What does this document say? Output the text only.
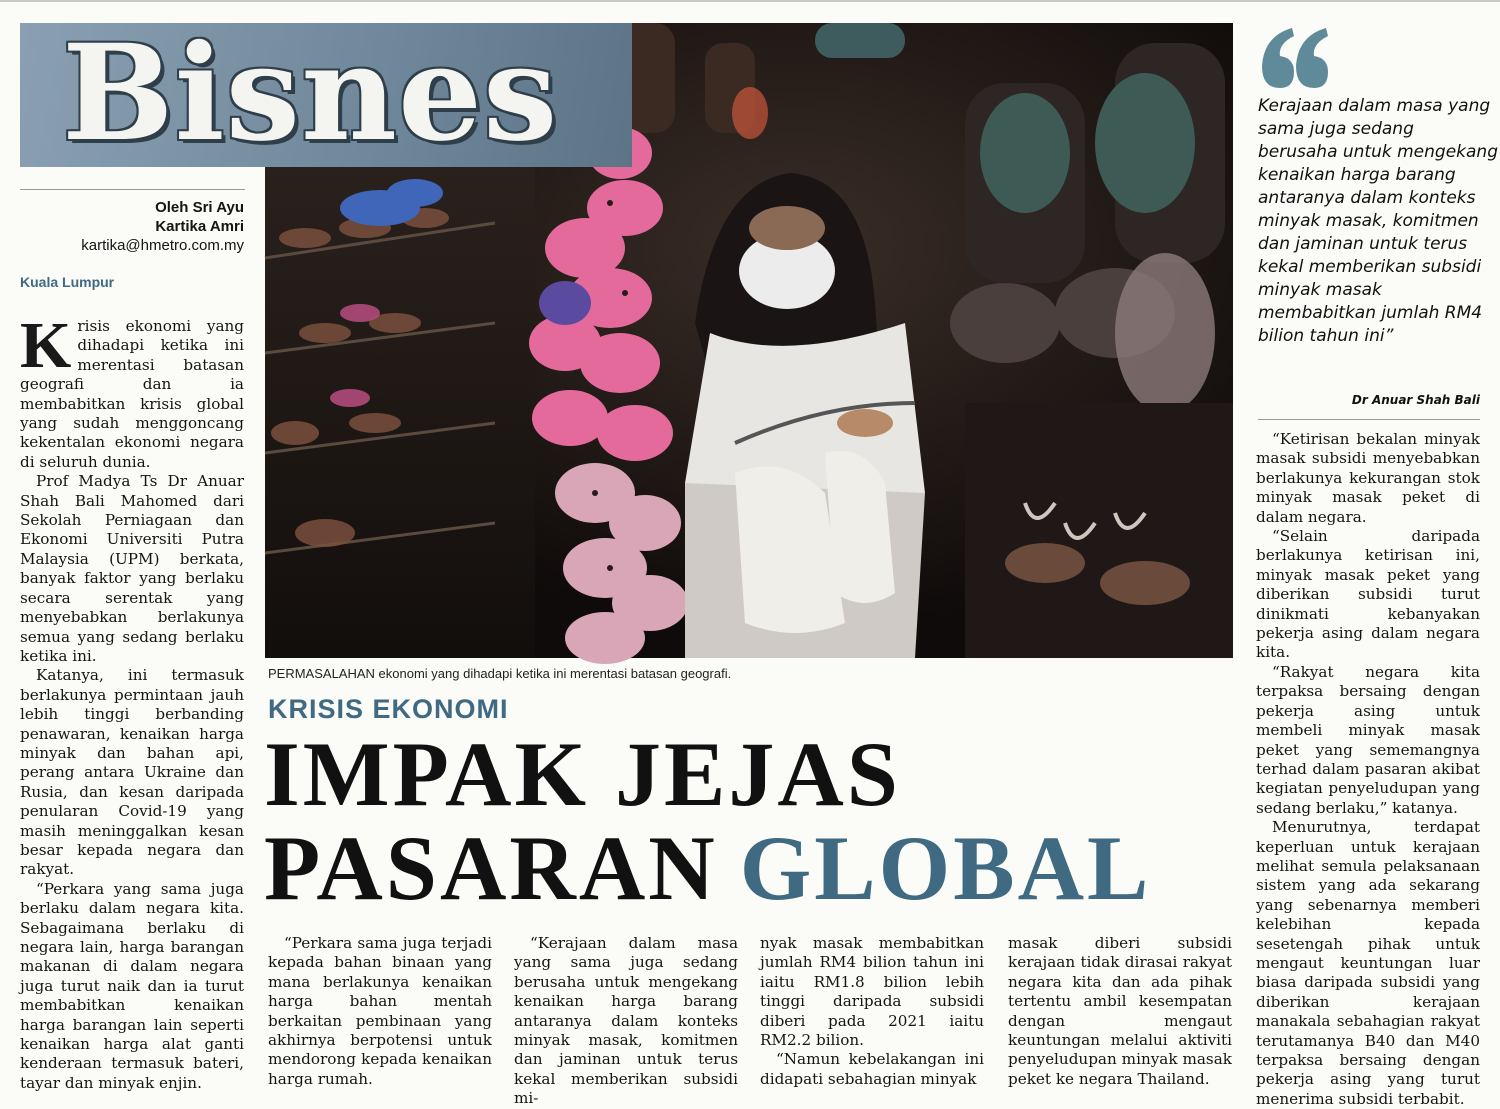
Bisnes
PERMASALAHAN ekonomi yang dihadapi ketika ini merentasi batasan geografi.
Oleh Sri Ayu
Kartika Amri
kartika@hmetro.com.my
Kuala Lumpur

Krisis ekonomi yang dihadapi ketika ini merentasi batasan geografi dan ia membabitkan krisis global yang sudah menggoncang kekentalan ekonomi negara di seluruh dunia.

Prof Madya Ts Dr Anuar Shah Bali Mahomed dari Sekolah Perniagaan dan Ekonomi Universiti Putra Malaysia (UPM) berkata, banyak faktor yang berlaku secara serentak yang menyebabkan berlakunya semua yang sedang berlaku ketika ini.

Katanya, ini termasuk berlakunya permintaan jauh lebih tinggi berbanding penawaran, kenaikan harga minyak dan bahan api, perang antara Ukraine dan Rusia, dan kesan daripada penularan Covid-19 yang masih meninggalkan kesan besar kepada negara dan rakyat.

“Perkara yang sama juga berlaku dalam negara kita. Sebagaimana berlaku di negara lain, harga barangan makanan di dalam negara juga turut naik dan ia turut membabitkan kenaikan harga barangan lain seperti kenaikan harga alat ganti kenderaan termasuk bateri, tayar dan minyak enjin.

KRISIS EKONOMI
IMPAK JEJAS
PASARAN GLOBAL

“Perkara sama juga terjadi kepada bahan binaan yang mana berlakunya kenaikan harga bahan mentah berkaitan pembinaan yang akhirnya berpotensi untuk mendorong kepada kenaikan harga rumah.

“Kerajaan dalam masa yang sama juga sedang berusaha untuk mengekang kenaikan harga barang antaranya dalam konteks minyak masak, komitmen dan jaminan untuk terus kekal memberikan subsidi mi-

nyak masak membabitkan jumlah RM4 bilion tahun ini iaitu RM1.8 bilion lebih tinggi daripada subsidi diberi pada 2021 iaitu RM2.2 bilion.

“Namun kebelakangan ini didapati sebahagian minyak

masak diberi subsidi kerajaan tidak dirasai rakyat negara kita dan ada pihak tertentu ambil kesempatan dengan mengaut keuntungan melalui aktiviti penyeludupan minyak masak peket ke negara Thailand.

Kerajaan dalam masa yang sama juga sedang berusaha untuk mengekang kenaikan harga barang antaranya dalam konteks minyak masak, komitmen dan jaminan untuk terus kekal memberikan subsidi minyak masak membabitkan jumlah RM4 bilion tahun ini”
Dr Anuar Shah Bali

“Ketirisan bekalan minyak masak subsidi menyebabkan berlakunya kekurangan stok minyak masak peket di dalam negara.

“Selain daripada berlakunya ketirisan ini, minyak masak peket yang diberikan subsidi turut dinikmati kebanyakan pekerja asing dalam negara kita.

“Rakyat negara kita terpaksa bersaing dengan pekerja asing untuk membeli minyak masak peket yang sememangnya terhad dalam pasaran akibat kegiatan penyeludupan yang sedang berlaku,” katanya.

Menurutnya, terdapat keperluan untuk kerajaan melihat semula pelaksanaan sistem yang ada sekarang yang sebenarnya memberi kelebihan kepada sesetengah pihak untuk mengaut keuntungan luar biasa daripada subsidi yang diberikan kerajaan manakala sebahagian rakyat terutamanya B40 dan M40 terpaksa bersaing dengan pekerja asing yang turut menerima subsidi terbabit.
